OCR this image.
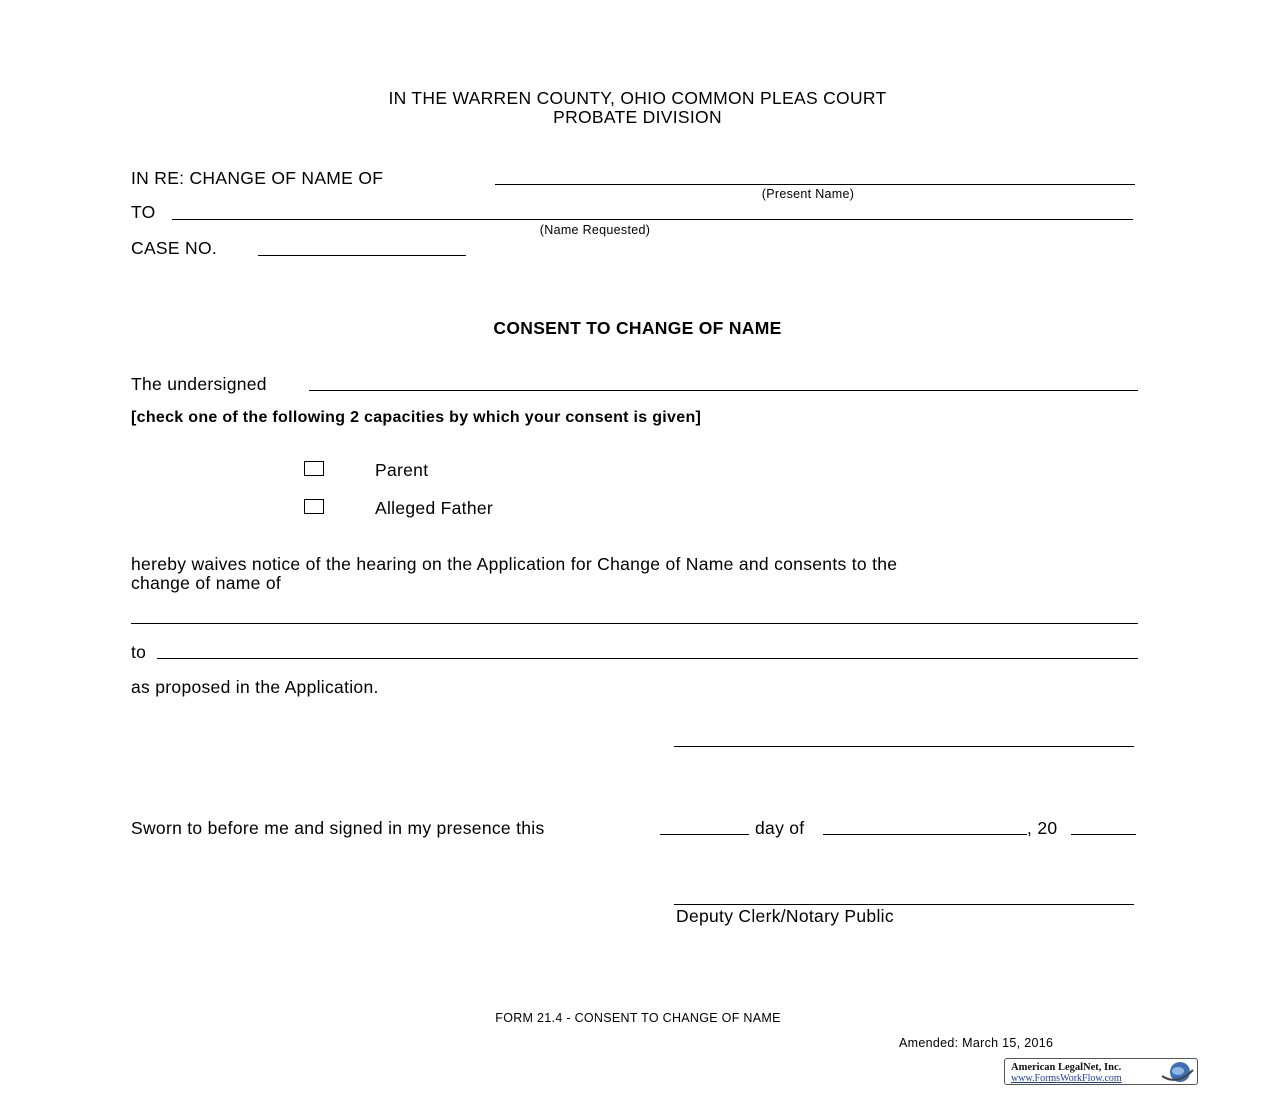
IN THE WARREN COUNTY, OHIO COMMON PLEAS COURT
PROBATE DIVISION
IN RE: CHANGE OF NAME OF
(Present Name)
TO
(Name Requested)
CASE NO.
CONSENT TO CHANGE OF NAME
The undersigned
[check one of the following 2 capacities by which your consent is given]
Parent
Alleged Father
hereby waives notice of the hearing on the Application for Change of Name and consents to the
change of name of
to
as proposed in the Application.
Sworn to before me and signed in my presence this	day of	, 20
Deputy Clerk/Notary Public
FORM 21.4 - CONSENT TO CHANGE OF NAME
Amended: March 15, 2016
American LegalNet, Inc.
www.FormsWorkFlow.com
